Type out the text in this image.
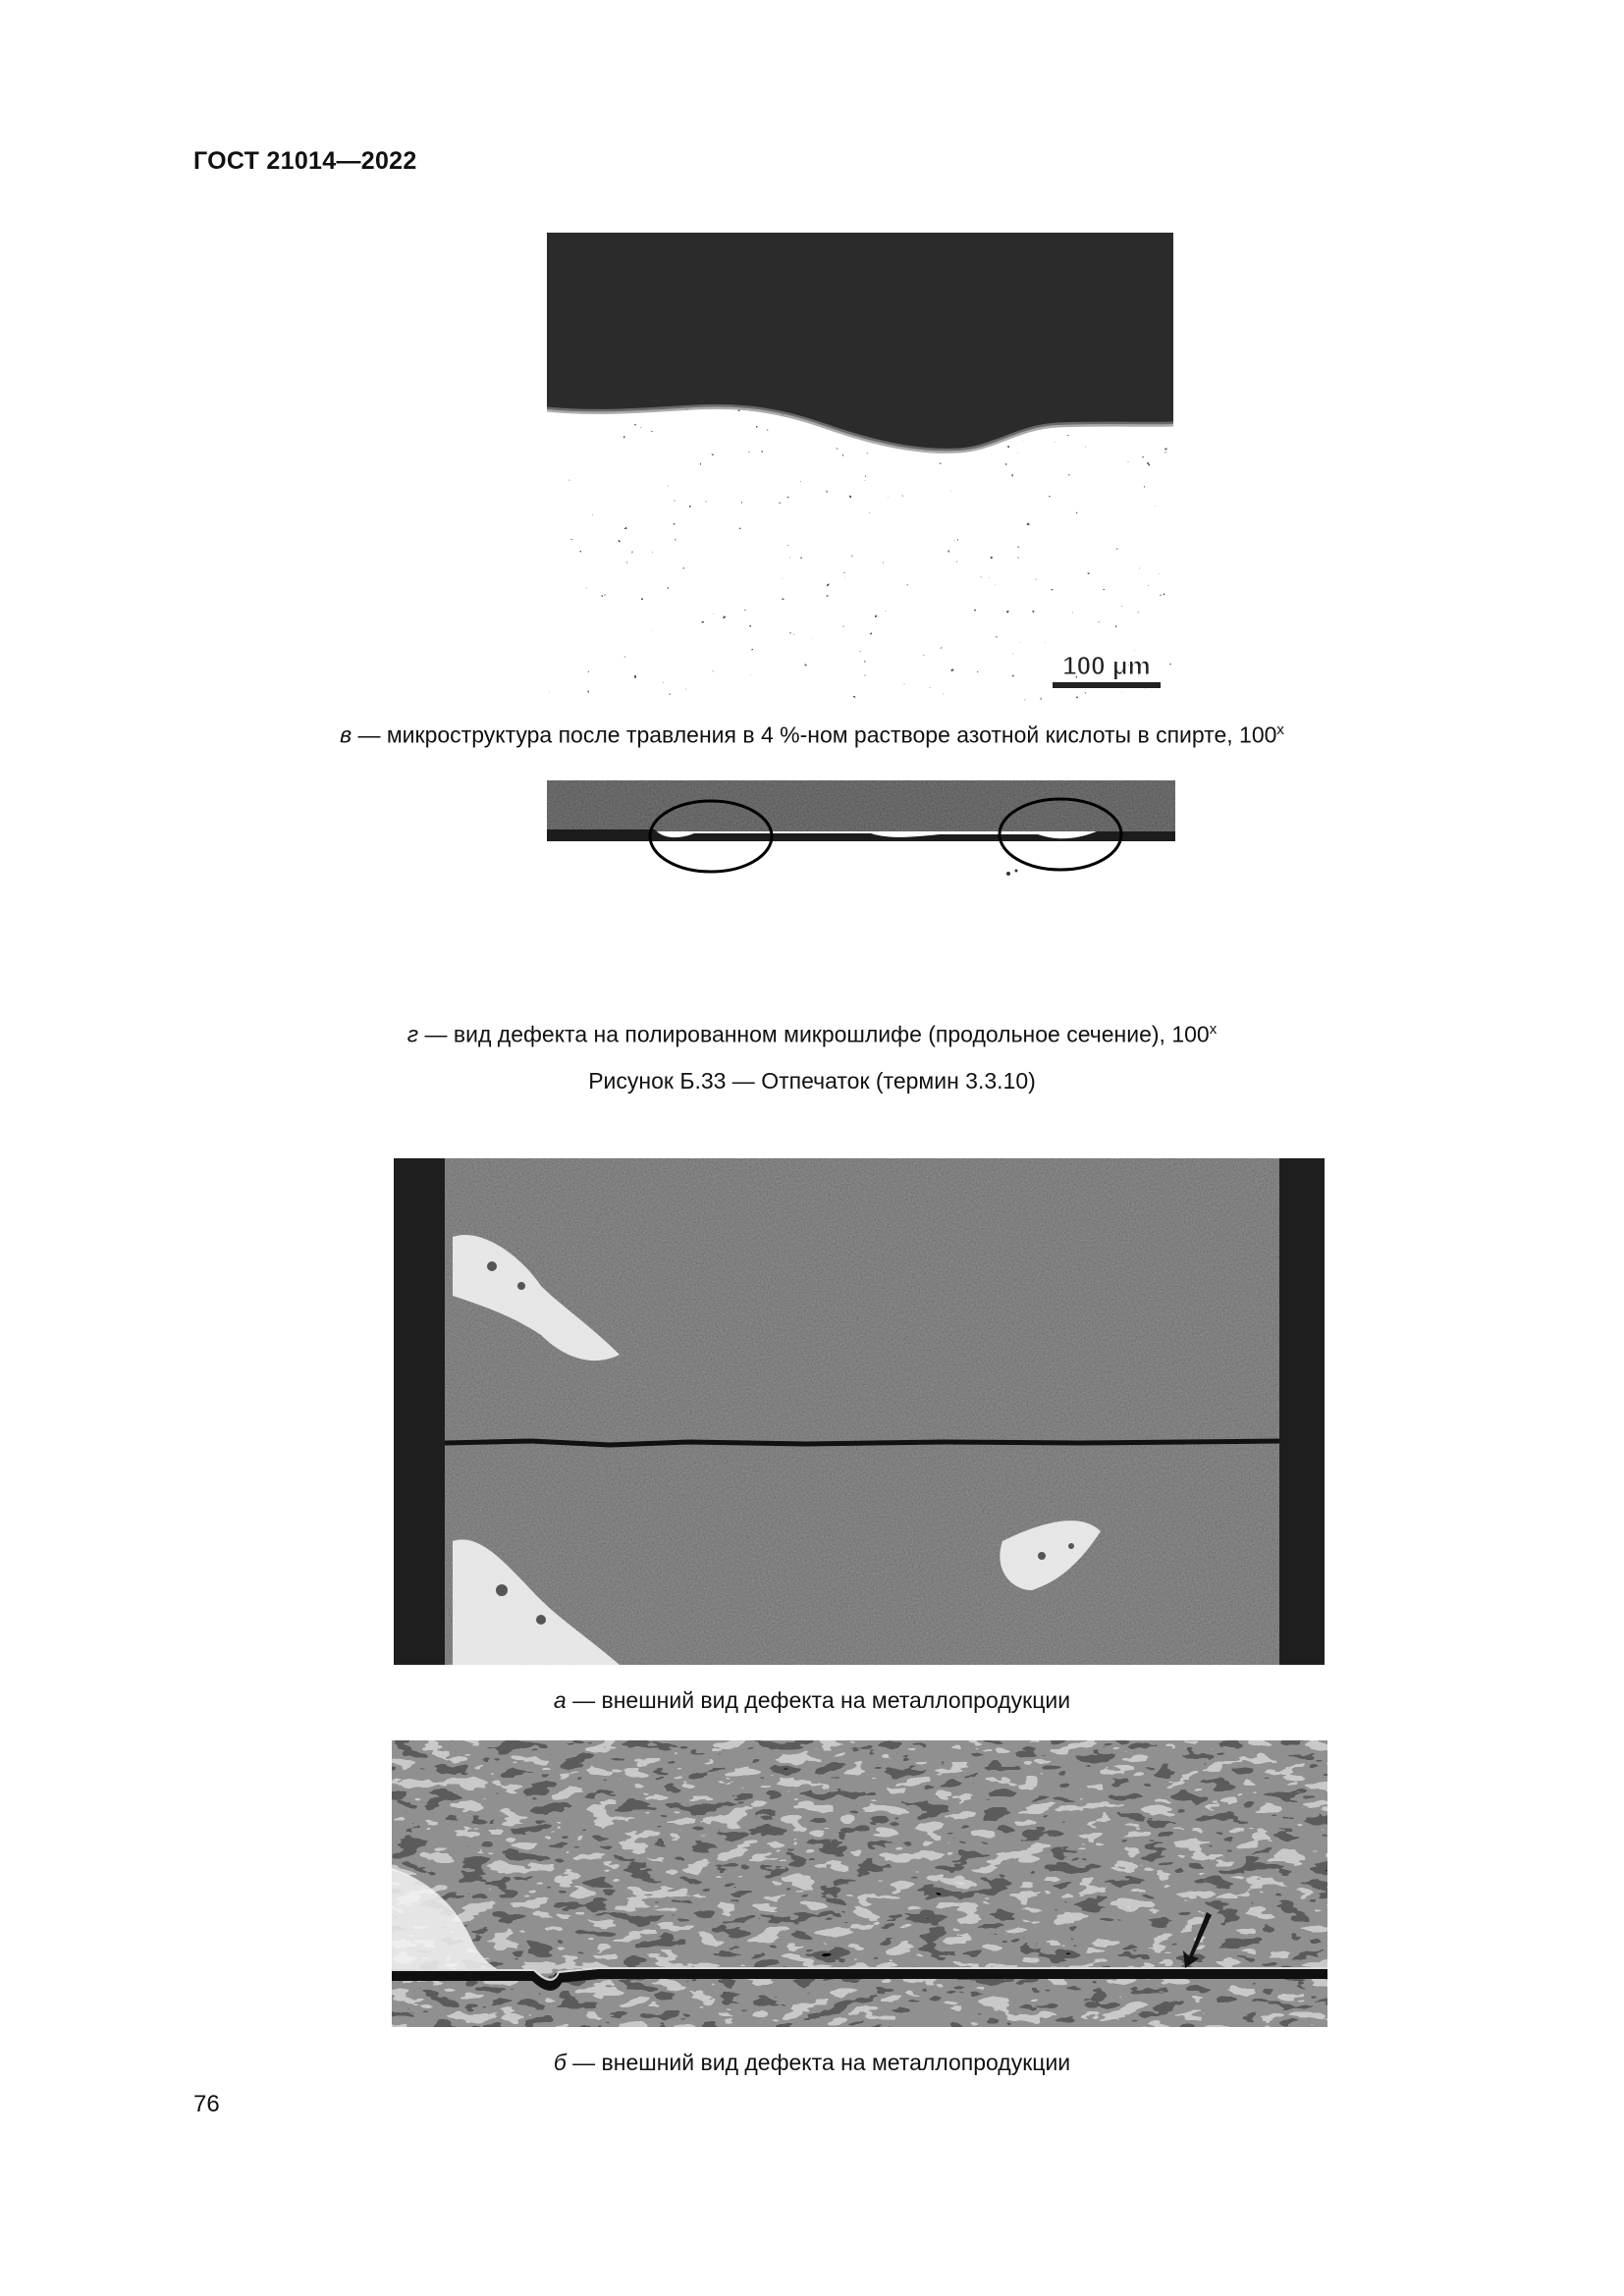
ГОСТ 21014—2022
100 μm
в — микроструктура после травления в 4 %-ном растворе азотной кислоты в спирте, $100^х$
г — вид дефекта на полированном микрошлифе (продольное сечение), $100^х$
Рисунок Б.33 — Отпечаток (термин 3.3.10)
а — внешний вид дефекта на металлопродукции
б — внешний вид дефекта на металлопродукции
76
